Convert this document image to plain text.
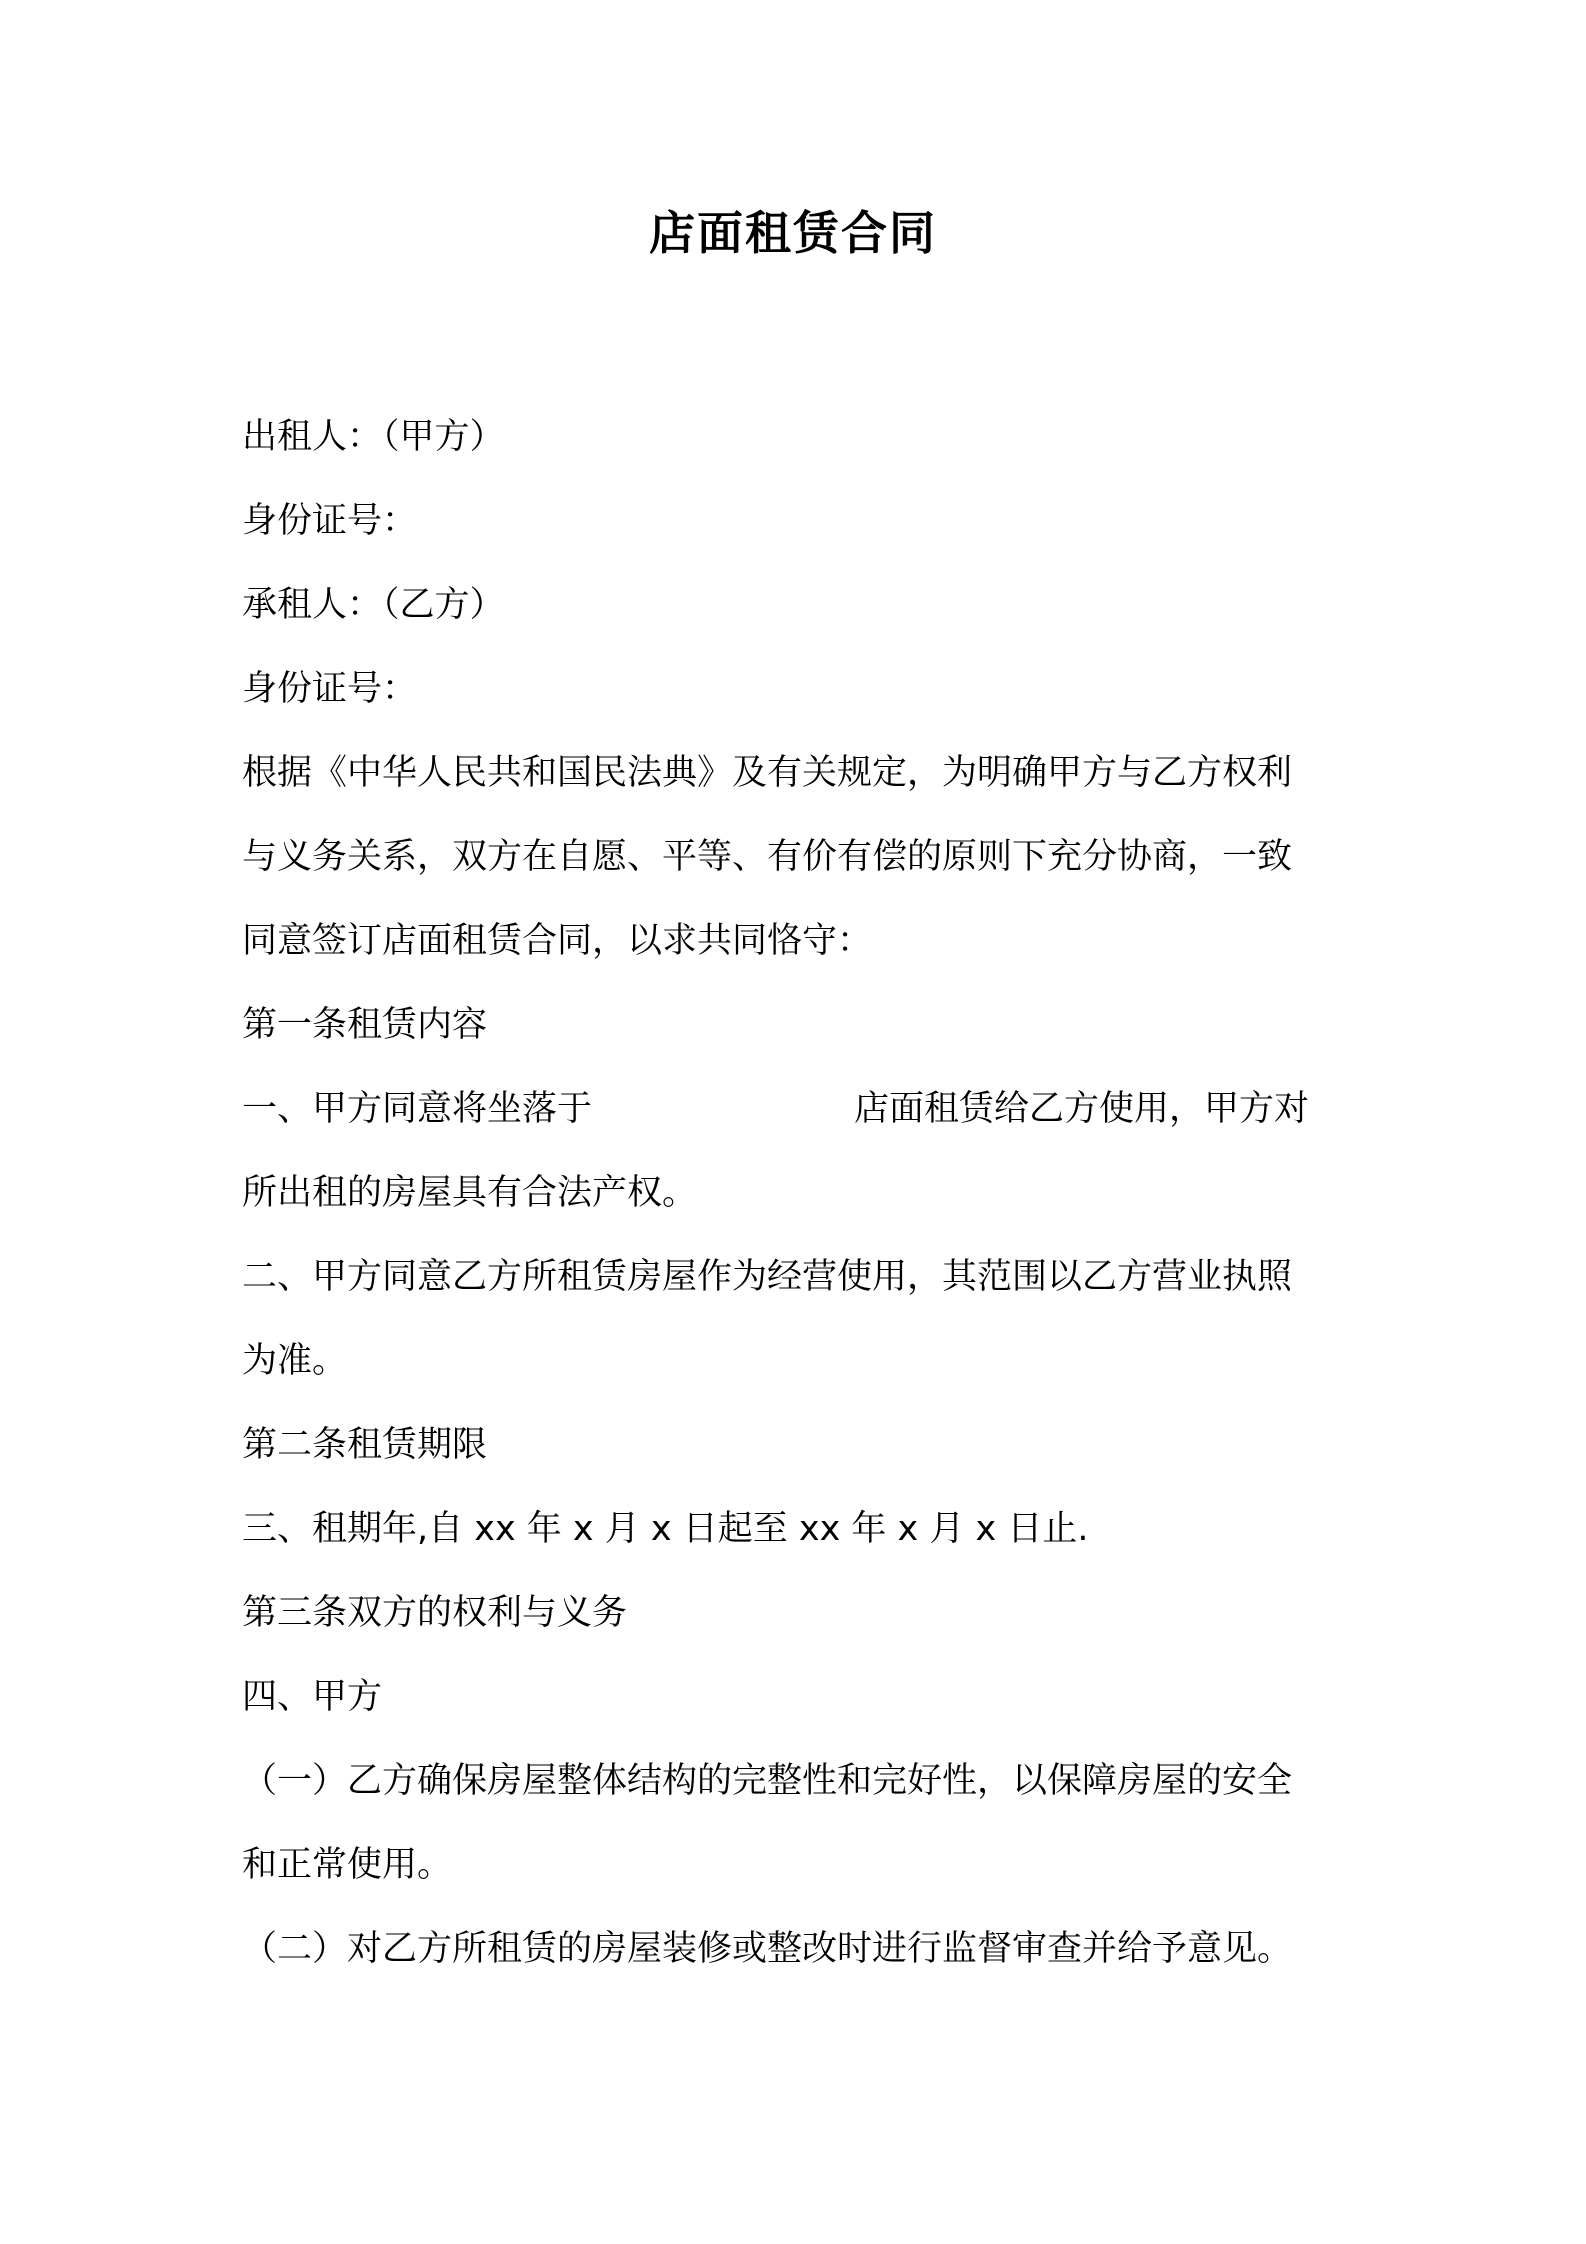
店面租赁合同
出租人：（甲方）
身份证号：
承租人：（乙方）
身份证号：
根据《中华人民共和国民法典》及有关规定，为明确甲方与乙方权利
与义务关系，双方在自愿、平等、有价有偿的原则下充分协商，一致
同意签订店面租赁合同，以求共同恪守：
第一条租赁内容
一、甲方同意将坐落于	店面租赁给乙方使用，甲方对
所出租的房屋具有合法产权。
二、甲方同意乙方所租赁房屋作为经营使用，其范围以乙方营业执照
为准。
第二条租赁期限
三、租期年,自 xx 年 x 月 x 日起至 xx 年 x 月 x 日止.
第三条双方的权利与义务
四、甲方
（一）乙方确保房屋整体结构的完整性和完好性，以保障房屋的安全
和正常使用。
（二）对乙方所租赁的房屋装修或整改时进行监督审查并给予意见。
